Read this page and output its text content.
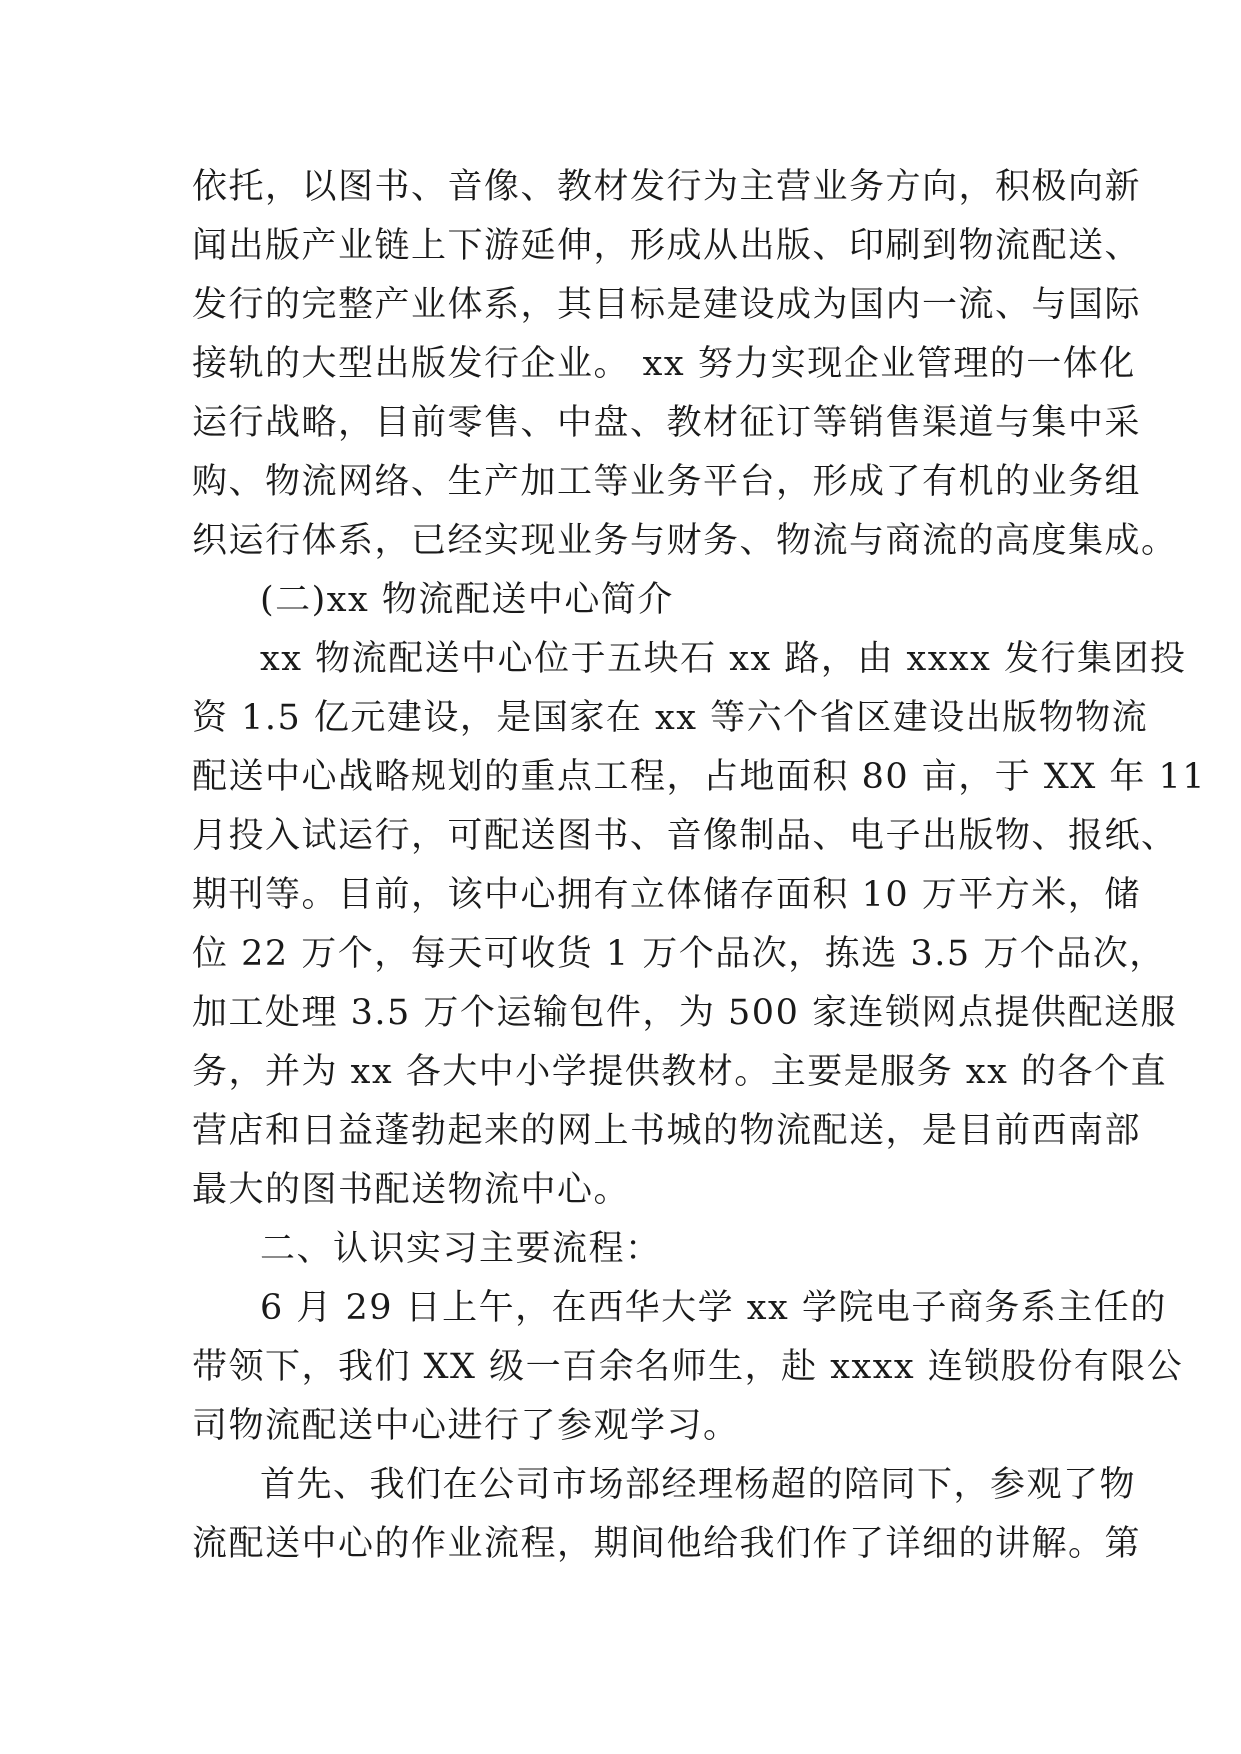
依托，以图书、音像、教材发行为主营业务方向，积极向新
闻出版产业链上下游延伸，形成从出版、印刷到物流配送、
发行的完整产业体系，其目标是建设成为国内一流、与国际
接轨的大型出版发行企业。 xx 努力实现企业管理的一体化
运行战略，目前零售、中盘、教材征订等销售渠道与集中采
购、物流网络、生产加工等业务平台，形成了有机的业务组
织运行体系，已经实现业务与财务、物流与商流的高度集成。
(二)xx 物流配送中心简介
xx 物流配送中心位于五块石 xx 路，由 xxxx 发行集团投
资 1.5 亿元建设，是国家在 xx 等六个省区建设出版物物流
配送中心战略规划的重点工程，占地面积 80 亩，于 XX 年 11
月投入试运行，可配送图书、音像制品、电子出版物、报纸、
期刊等。目前，该中心拥有立体储存面积 10 万平方米，储
位 22 万个，每天可收货 1 万个品次，拣选 3.5 万个品次，
加工处理 3.5 万个运输包件，为 500 家连锁网点提供配送服
务，并为 xx 各大中小学提供教材。主要是服务 xx 的各个直
营店和日益蓬勃起来的网上书城的物流配送，是目前西南部
最大的图书配送物流中心。
二、认识实习主要流程：
6 月 29 日上午，在西华大学 xx 学院电子商务系主任的
带领下，我们 XX 级一百余名师生，赴 xxxx 连锁股份有限公
司物流配送中心进行了参观学习。
首先、我们在公司市场部经理杨超的陪同下，参观了物
流配送中心的作业流程，期间他给我们作了详细的讲解。第
